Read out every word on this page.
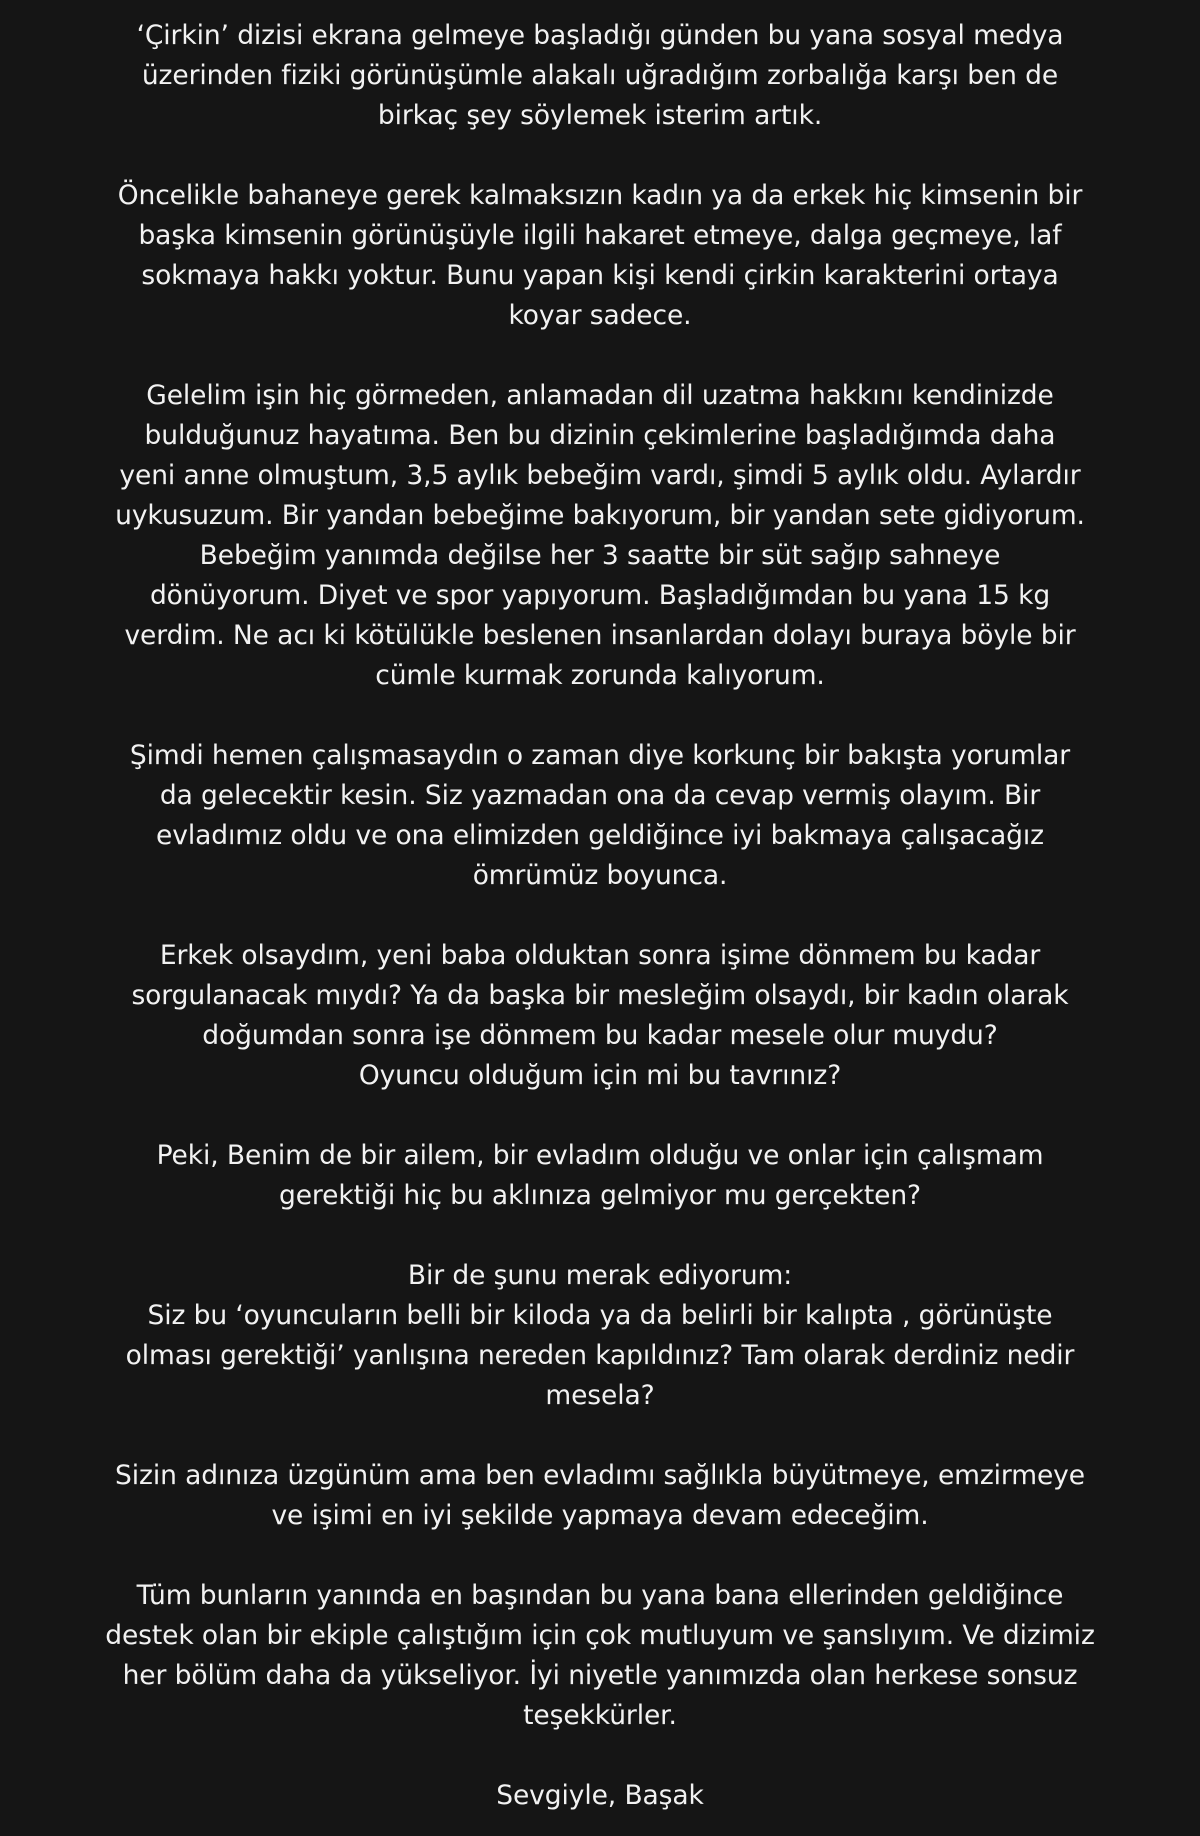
‘Çirkin’ dizisi ekrana gelmeye başladığı günden bu yana sosyal medya
üzerinden fiziki görünüşümle alakalı uğradığım zorbalığa karşı ben de
birkaç şey söylemek isterim artık.
Öncelikle bahaneye gerek kalmaksızın kadın ya da erkek hiç kimsenin bir
başka kimsenin görünüşüyle ilgili hakaret etmeye, dalga geçmeye, laf
sokmaya hakkı yoktur. Bunu yapan kişi kendi çirkin karakterini ortaya
koyar sadece.
Gelelim işin hiç görmeden, anlamadan dil uzatma hakkını kendinizde
bulduğunuz hayatıma. Ben bu dizinin çekimlerine başladığımda daha
yeni anne olmuştum, 3,5 aylık bebeğim vardı, şimdi 5 aylık oldu. Aylardır
uykusuzum. Bir yandan bebeğime bakıyorum, bir yandan sete gidiyorum.
Bebeğim yanımda değilse her 3 saatte bir süt sağıp sahneye
dönüyorum. Diyet ve spor yapıyorum. Başladığımdan bu yana 15 kg
verdim. Ne acı ki kötülükle beslenen insanlardan dolayı buraya böyle bir
cümle kurmak zorunda kalıyorum.
Şimdi hemen çalışmasaydın o zaman diye korkunç bir bakışta yorumlar
da gelecektir kesin. Siz yazmadan ona da cevap vermiş olayım. Bir
evladımız oldu ve ona elimizden geldiğince iyi bakmaya çalışacağız
ömrümüz boyunca.
Erkek olsaydım, yeni baba olduktan sonra işime dönmem bu kadar
sorgulanacak mıydı? Ya da başka bir mesleğim olsaydı, bir kadın olarak
doğumdan sonra işe dönmem bu kadar mesele olur muydu?
Oyuncu olduğum için mi bu tavrınız?
Peki, Benim de bir ailem, bir evladım olduğu ve onlar için çalışmam
gerektiği hiç bu aklınıza gelmiyor mu gerçekten?
Bir de şunu merak ediyorum:
Siz bu ‘oyuncuların belli bir kiloda ya da belirli bir kalıpta , görünüşte
olması gerektiği’ yanlışına nereden kapıldınız? Tam olarak derdiniz nedir
mesela?
Sizin adınıza üzgünüm ama ben evladımı sağlıkla büyütmeye, emzirmeye
ve işimi en iyi şekilde yapmaya devam edeceğim.
Tüm bunların yanında en başından bu yana bana ellerinden geldiğince
destek olan bir ekiple çalıştığım için çok mutluyum ve şanslıyım. Ve dizimiz
her bölüm daha da yükseliyor. İyi niyetle yanımızda olan herkese sonsuz
teşekkürler.
Sevgiyle, Başak
